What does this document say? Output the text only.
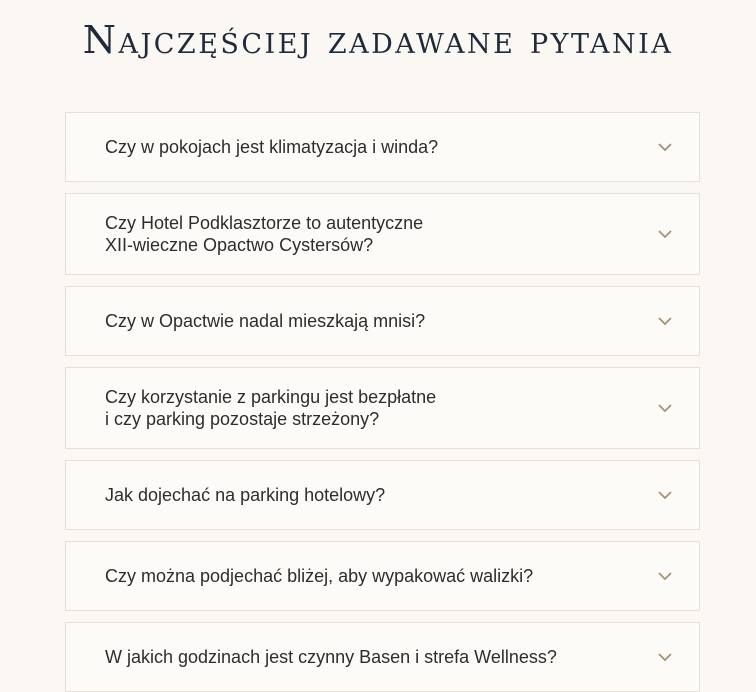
Najczęściej zadawane pytania
Czy w pokojach jest klimatyzacja i winda?
Czy Hotel Podklasztorze to autentyczne
XII-wieczne Opactwo Cystersów?
Czy w Opactwie nadal mieszkają mnisi?
Czy korzystanie z parkingu jest bezpłatne
i czy parking pozostaje strzeżony?
Jak dojechać na parking hotelowy?
Czy można podjechać bliżej, aby wypakować walizki?
W jakich godzinach jest czynny Basen i strefa Wellness?
